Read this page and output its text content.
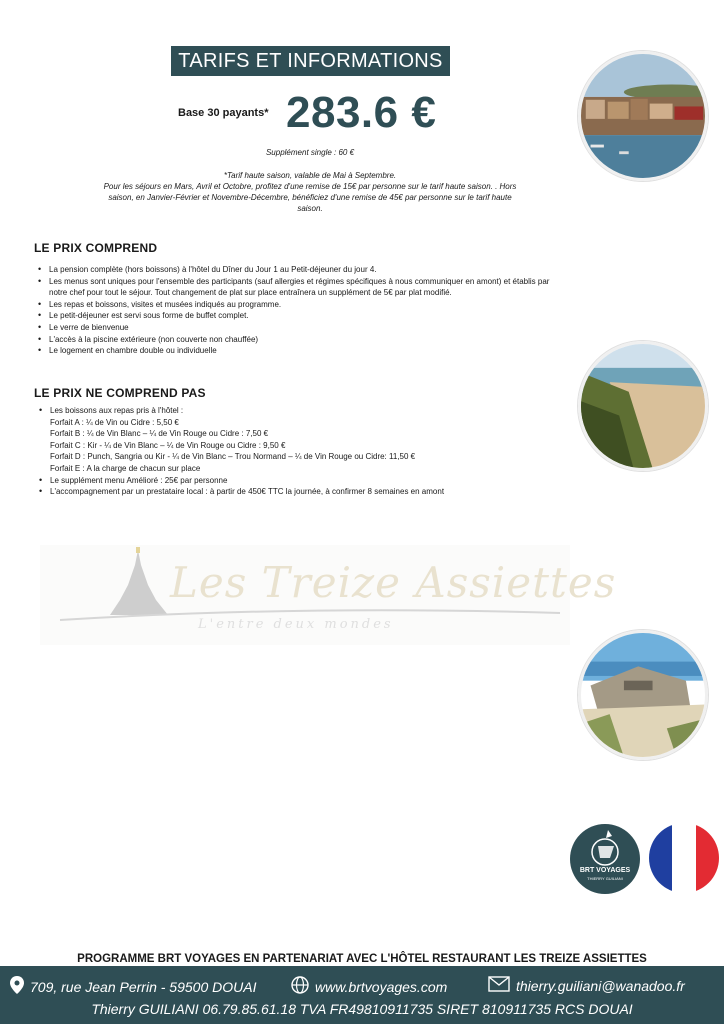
TARIFS ET INFORMATIONS
Base 30 payants* 283.6 €
Supplément single : 60 €
*Tarif haute saison, valable de Mai à Septembre.
Pour les séjours en Mars, Avril et Octobre, profitez d'une remise de 15€ par personne sur le tarif haute saison. . Hors saison, en Janvier-Février et Novembre-Décembre, bénéficiez d'une remise de 45€ par personne sur le tarif haute saison.
LE PRIX COMPREND
• La pension complète (hors boissons) à l'hôtel du Dîner du Jour 1 au Petit-déjeuner du jour 4.
• Les menus sont uniques pour l'ensemble des participants (sauf allergies et régimes spécifiques à nous communiquer en amont) et établis par notre chef pour tout le séjour. Tout changement de plat sur place entraînera un supplément de 5€ par plat modifié.
• Les repas et boissons, visites et musées indiqués au programme.
• Le petit-déjeuner est servi sous forme de buffet complet.
• Le verre de bienvenue
• L'accès à la piscine extérieure (non couverte non chauffée)
• Le logement en chambre double ou individuelle
LE PRIX NE COMPREND PAS
• Les boissons aux repas pris à l'hôtel :
Forfait A : ¼ de Vin ou Cidre : 5,50 €
Forfait B : ¼ de Vin Blanc – ¼ de Vin Rouge ou Cidre : 7,50 €
Forfait C : Kir - ¼ de Vin Blanc – ¼ de Vin Rouge ou Cidre : 9,50 €
Forfait D : Punch, Sangria ou Kir - ¼ de Vin Blanc – Trou Normand – ¼ de Vin Rouge ou Cidre: 11,50 €
Forfait E : A la charge de chacun sur place
• Le supplément menu Amélioré : 25€ par personne
• L'accompagnement par un prestataire local : à partir de 450€ TTC la journée, à confirmer 8 semaines en amont
Les Treize Assiettes
L'entre deux mondes
BRT VOYAGES
THIERRY GUILIANI
PROGRAMME BRT VOYAGES EN PARTENARIAT AVEC L'HÔTEL RESTAURANT LES TREIZE ASSIETTES
709, rue Jean Perrin - 59500 DOUAI	www.brtvoyages.com	thierry.guiliani@wanadoo.fr
Thierry GUILIANI 06.79.85.61.18 TVA FR49810911735 SIRET 810911735 RCS DOUAI
